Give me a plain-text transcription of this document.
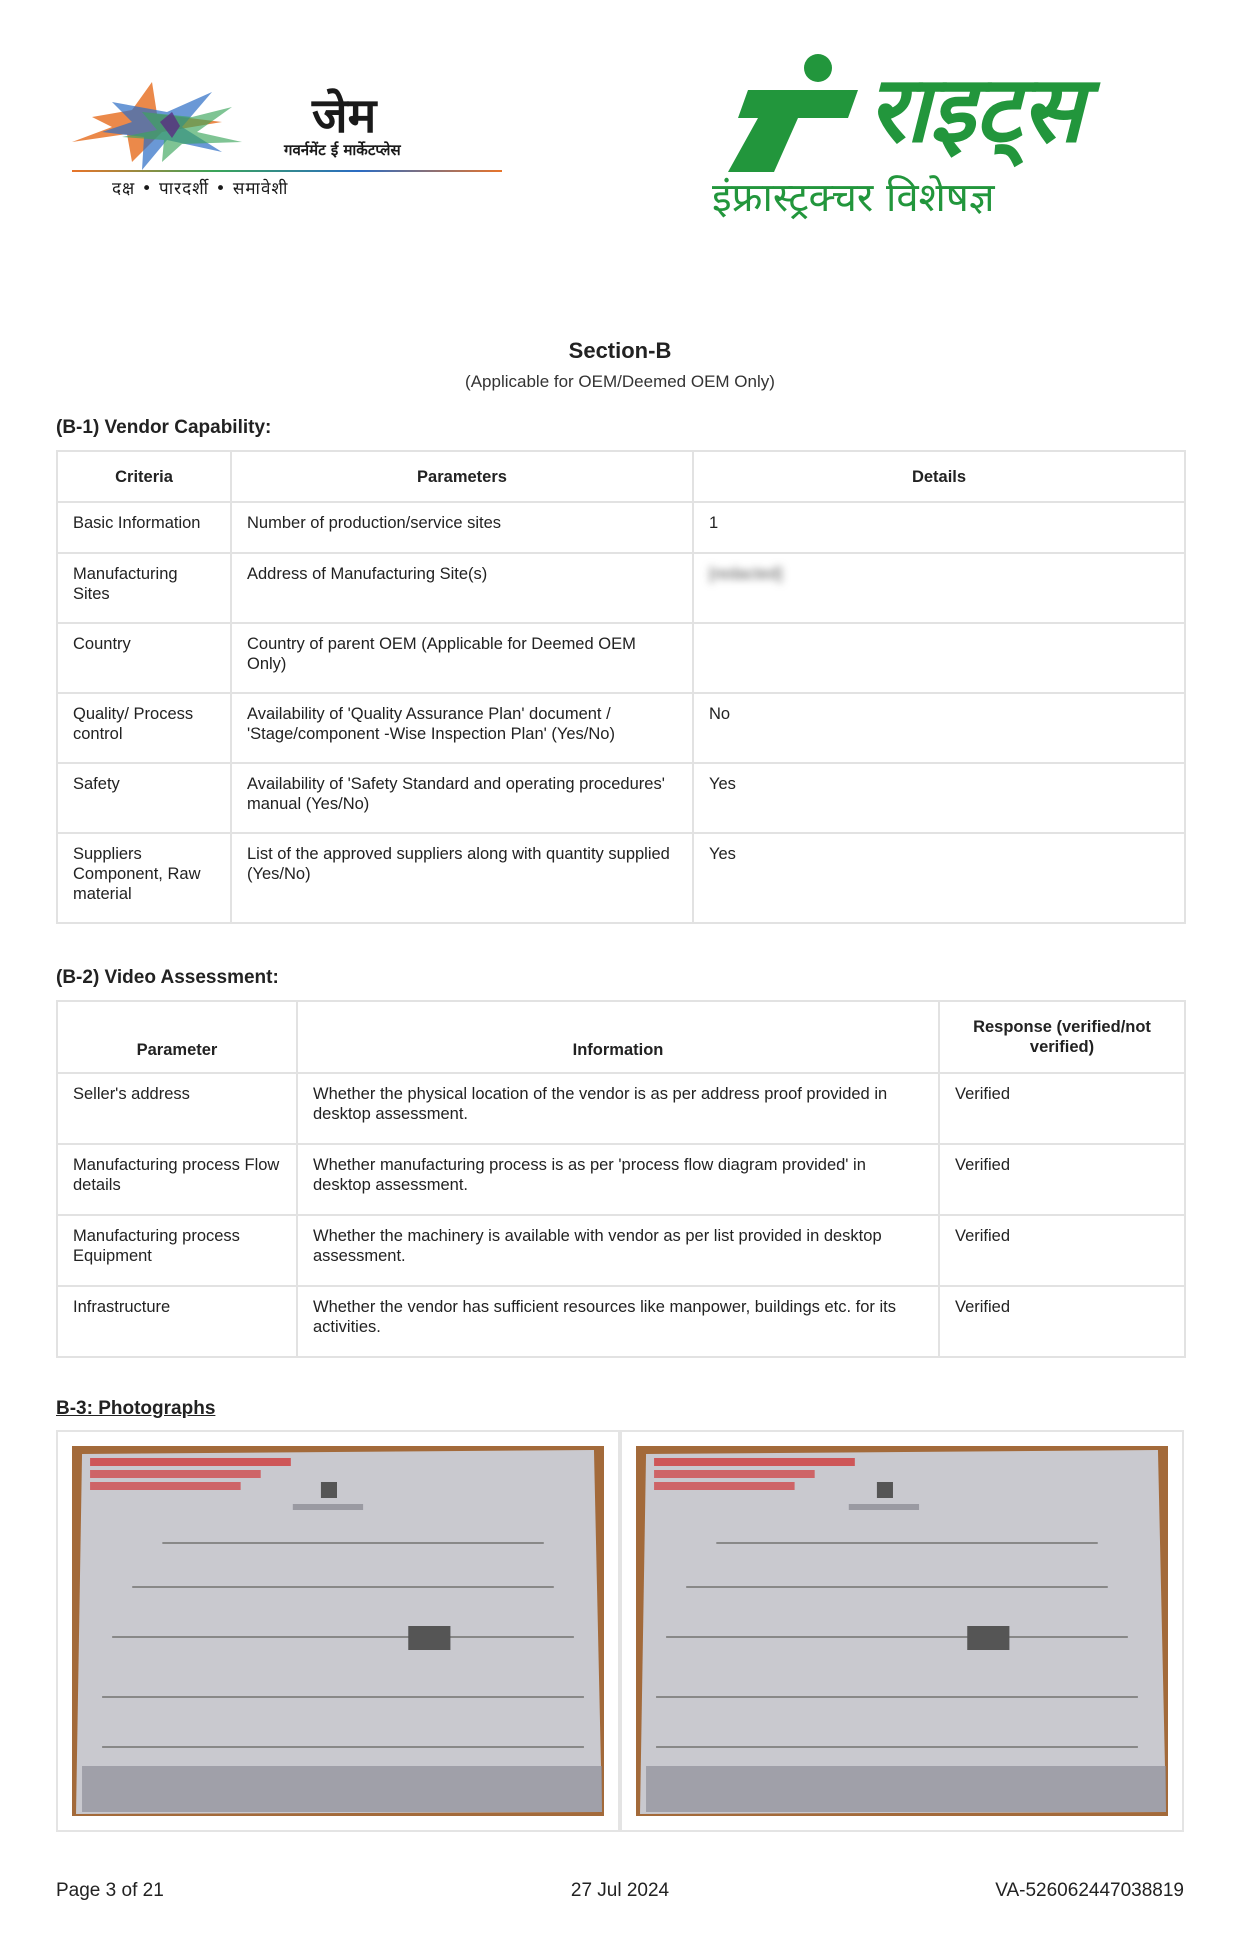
जेम
गवर्नमेंट ई मार्केटप्लेस
दक्ष • पारदर्शी • समावेशी
राइट्स
इंफ्रास्ट्रक्चर विशेषज्ञ
Section-B
(Applicable for OEM/Deemed OEM Only)
(B-1) Vendor Capability:
Criteria	Parameters	Details
Basic Information	Number of production/service sites	1
Manufacturing Sites	Address of Manufacturing Site(s)	[redacted]
Country	Country of parent OEM (Applicable for Deemed OEM Only)	
Quality/ Process control	Availability of 'Quality Assurance Plan' document / 'Stage/component -Wise Inspection Plan' (Yes/No)	No
Safety	Availability of 'Safety Standard and operating procedures' manual (Yes/No)	Yes
Suppliers Component, Raw material	List of the approved suppliers along with quantity supplied (Yes/No)	Yes
(B-2) Video Assessment:
Parameter	Information	Response (verified/not verified)
Seller's address	Whether the physical location of the vendor is as per address proof provided in desktop assessment.	Verified
Manufacturing process Flow details	Whether manufacturing process is as per 'process flow diagram provided' in desktop assessment.	Verified
Manufacturing process Equipment	Whether the machinery is available with vendor as per list provided in desktop assessment.	Verified
Infrastructure	Whether the vendor has sufficient resources like manpower, buildings etc. for its activities.	Verified
B-3: Photographs
Page 3 of 21	27 Jul 2024	VA-526062447038819
